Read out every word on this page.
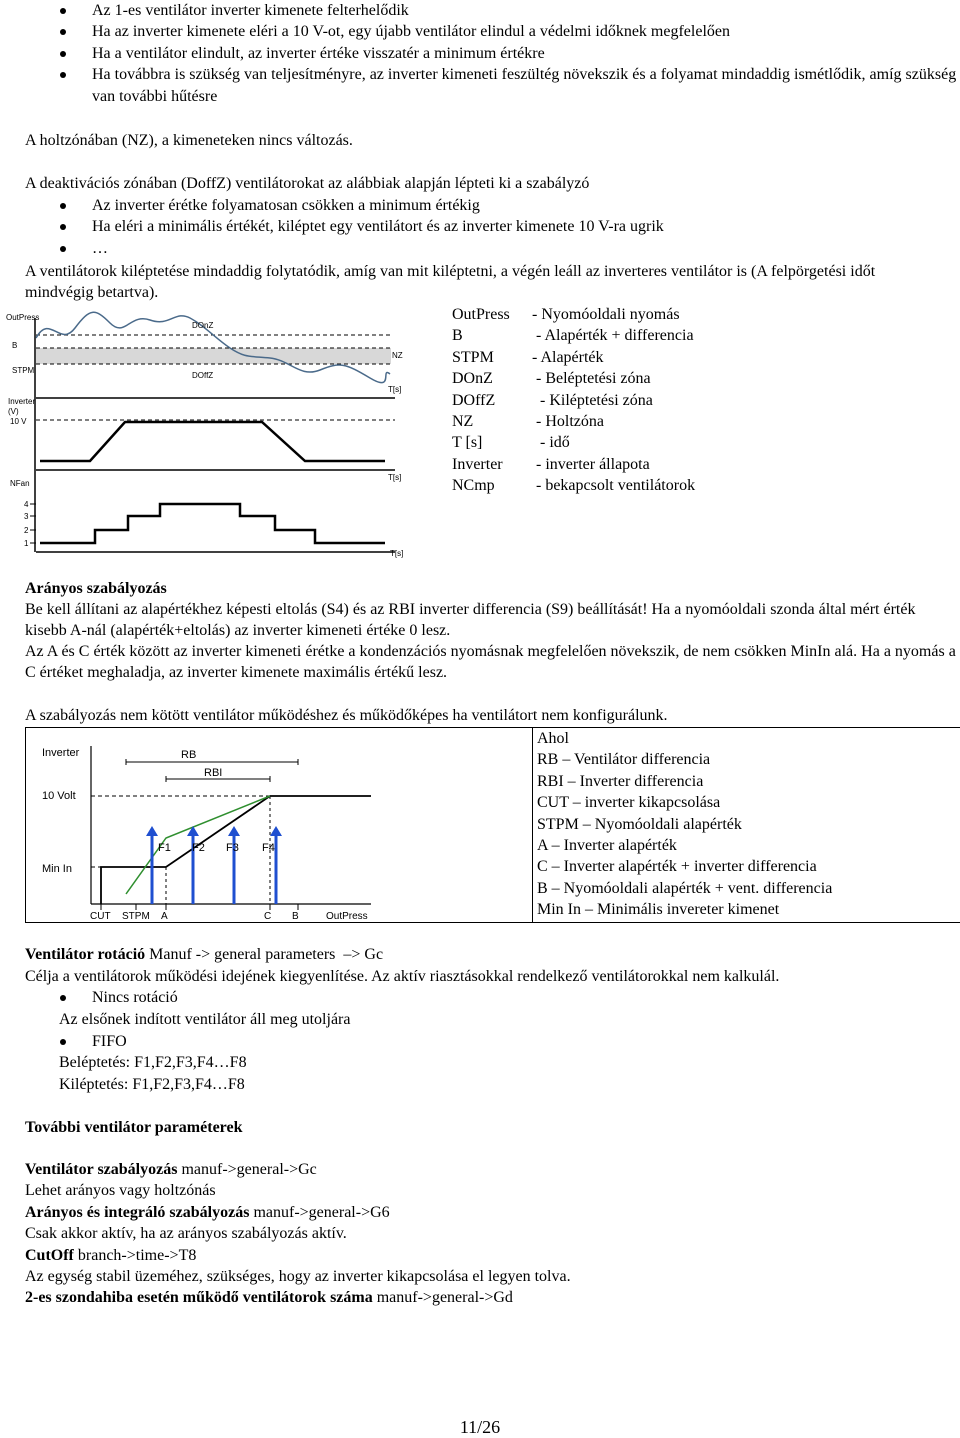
Az 1-es ventilátor inverter kimenete felterhelődik
Ha az inverter kimenete eléri a 10 V-ot, egy újabb ventilátor elindul a védelmi időknek megfelelően
Ha a ventilátor elindult, az inverter értéke visszatér a minimum értékre
Ha továbbra is szükség van teljesítményre, az inverter kimeneti feszültég növekszik és a folyamat mindaddig ismétlődik, amíg szükség van további hűtésre

A holtzónában (NZ), a kimeneteken nincs változás.

A deaktivációs zónában (DoffZ) ventilátorokat az alábbiak alapján lépteti ki a szabályzó

Az inverter érétke folyamatosan csökken a minimum értékig
Ha eléri a minimális értékét, kiléptet egy ventilátort és az inverter kimenete 10 V-ra ugrik
…

A ventilátorok kiléptetése mindaddig folytatódik, amíg van mit kiléptetni, a végén leáll az inverteres ventilátor is (A felpörgetési időt mindvégig betartva).

OutPress
B
STPM
Inverter
(V)
10 V
NFan
4
3
2
1
DOnZ
DOffZ
NZ
T[s]
T[s]
T[s]
OutPress	- Nyomóoldali nyomás
B	- Alapérték + differencia
STPM	- Alapérték
DOnZ	- Beléptetési zóna
DOffZ	- Kiléptetési zóna
NZ	- Holtzóna
T [s]	- idő
Inverter	- inverter állapota
NCmp	- bekapcsolt ventilátorok

Arányos szabályozás

Be kell állítani az alapértékhez képesti eltolás (S4) és az RBI inverter differencia (S9) beállítását! Ha a nyomóoldali szonda által mért érték kisebb A-nál (alapérték+eltolás) az inverter kimeneti értéke 0 lesz.

Az A és C érték között az inverter kimeneti érétke a kondenzációs nyomásnak megfelelően növekszik, de nem csökken MinIn alá. Ha a nyomás a C értéket meghaladja, az inverter kimenete maximális értékű lesz.

A szabályozás nem kötött ventilátor működéshez és működőképes ha ventilátort nem konfigurálunk.

Inverter
10 Volt
Min In
RB
RBI
F1 F2 F3 F4
CUT STPM A	C B	OutPress
Ahol
RB – Ventilátor differencia
RBI – Inverter differencia
CUT – inverter kikapcsolása
STPM – Nyomóoldali alapérték
A – Inverter alapérték
C – Inverter alapérték + inverter differencia
B – Nyomóoldali alapérték + vent. differencia
Min In – Minimális invereter kimenet

Ventilátor rotáció Manuf -> general parameters  –> Gc

Célja a ventilátorok működési idejének kiegyenlítése. Az aktív riasztásokkal rendelkező ventilátorokkal nem kalkulál.

Nincs rotáció

Az elsőnek indított ventilátor áll meg utoljára

FIFO

Beléptetés: F1,F2,F3,F4…F8

Kiléptetés: F1,F2,F3,F4…F8

További ventilátor paraméterek

Ventilátor szabályozás manuf->general->Gc
Lehet arányos vagy holtzónás
Arányos és integráló szabályozás manuf->general->G6
Csak akkor aktív, ha az arányos szabályozás aktív.
CutOff branch->time->T8
Az egység stabil üzeméhez, szükséges, hogy az inverter kikapcsolása el legyen tolva.
2-es szondahiba esetén működő ventilátorok száma manuf->general->Gd

11/26
